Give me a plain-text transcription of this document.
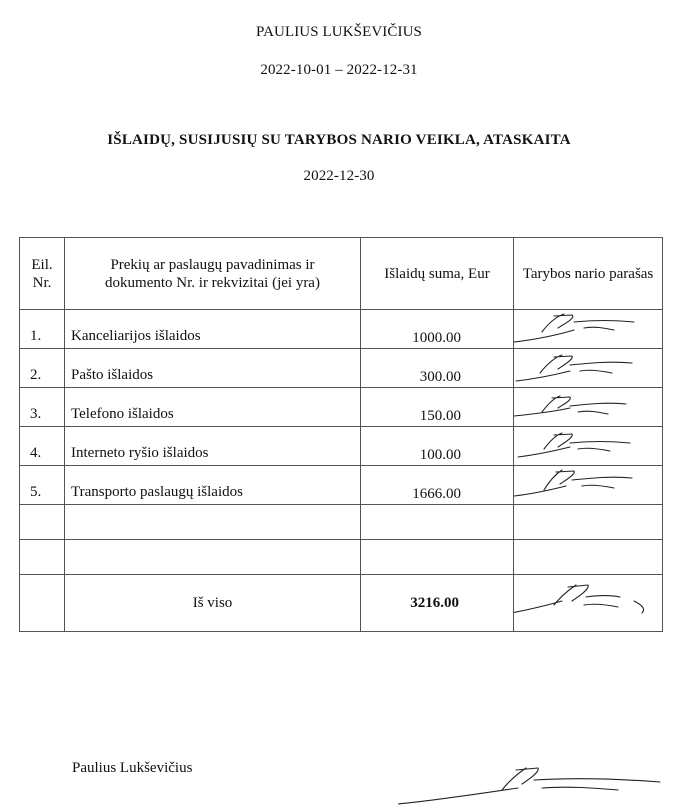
PAULIUS LUKŠEVIČIUS
2022-10-01 – 2022-12-31
IŠLAIDŲ, SUSIJUSIŲ SU TARYBOS NARIO VEIKLA, ATASKAITA
2022-12-30
Eil. Nr.	Prekių ar paslaugų pavadinimas ir dokumento Nr. ir rekvizitai (jei yra)	Išlaidų suma, Eur	Tarybos nario parašas
1.	Kanceliarijos išlaidos	1000.00	

2.	Pašto išlaidos	300.00	

3.	Telefono išlaidos	150.00	

4.	Interneto ryšio išlaidos	100.00	

5.	Transporto paslaugų išlaidos	1666.00	

	Iš viso	3216.00	
Paulius Lukševičius
